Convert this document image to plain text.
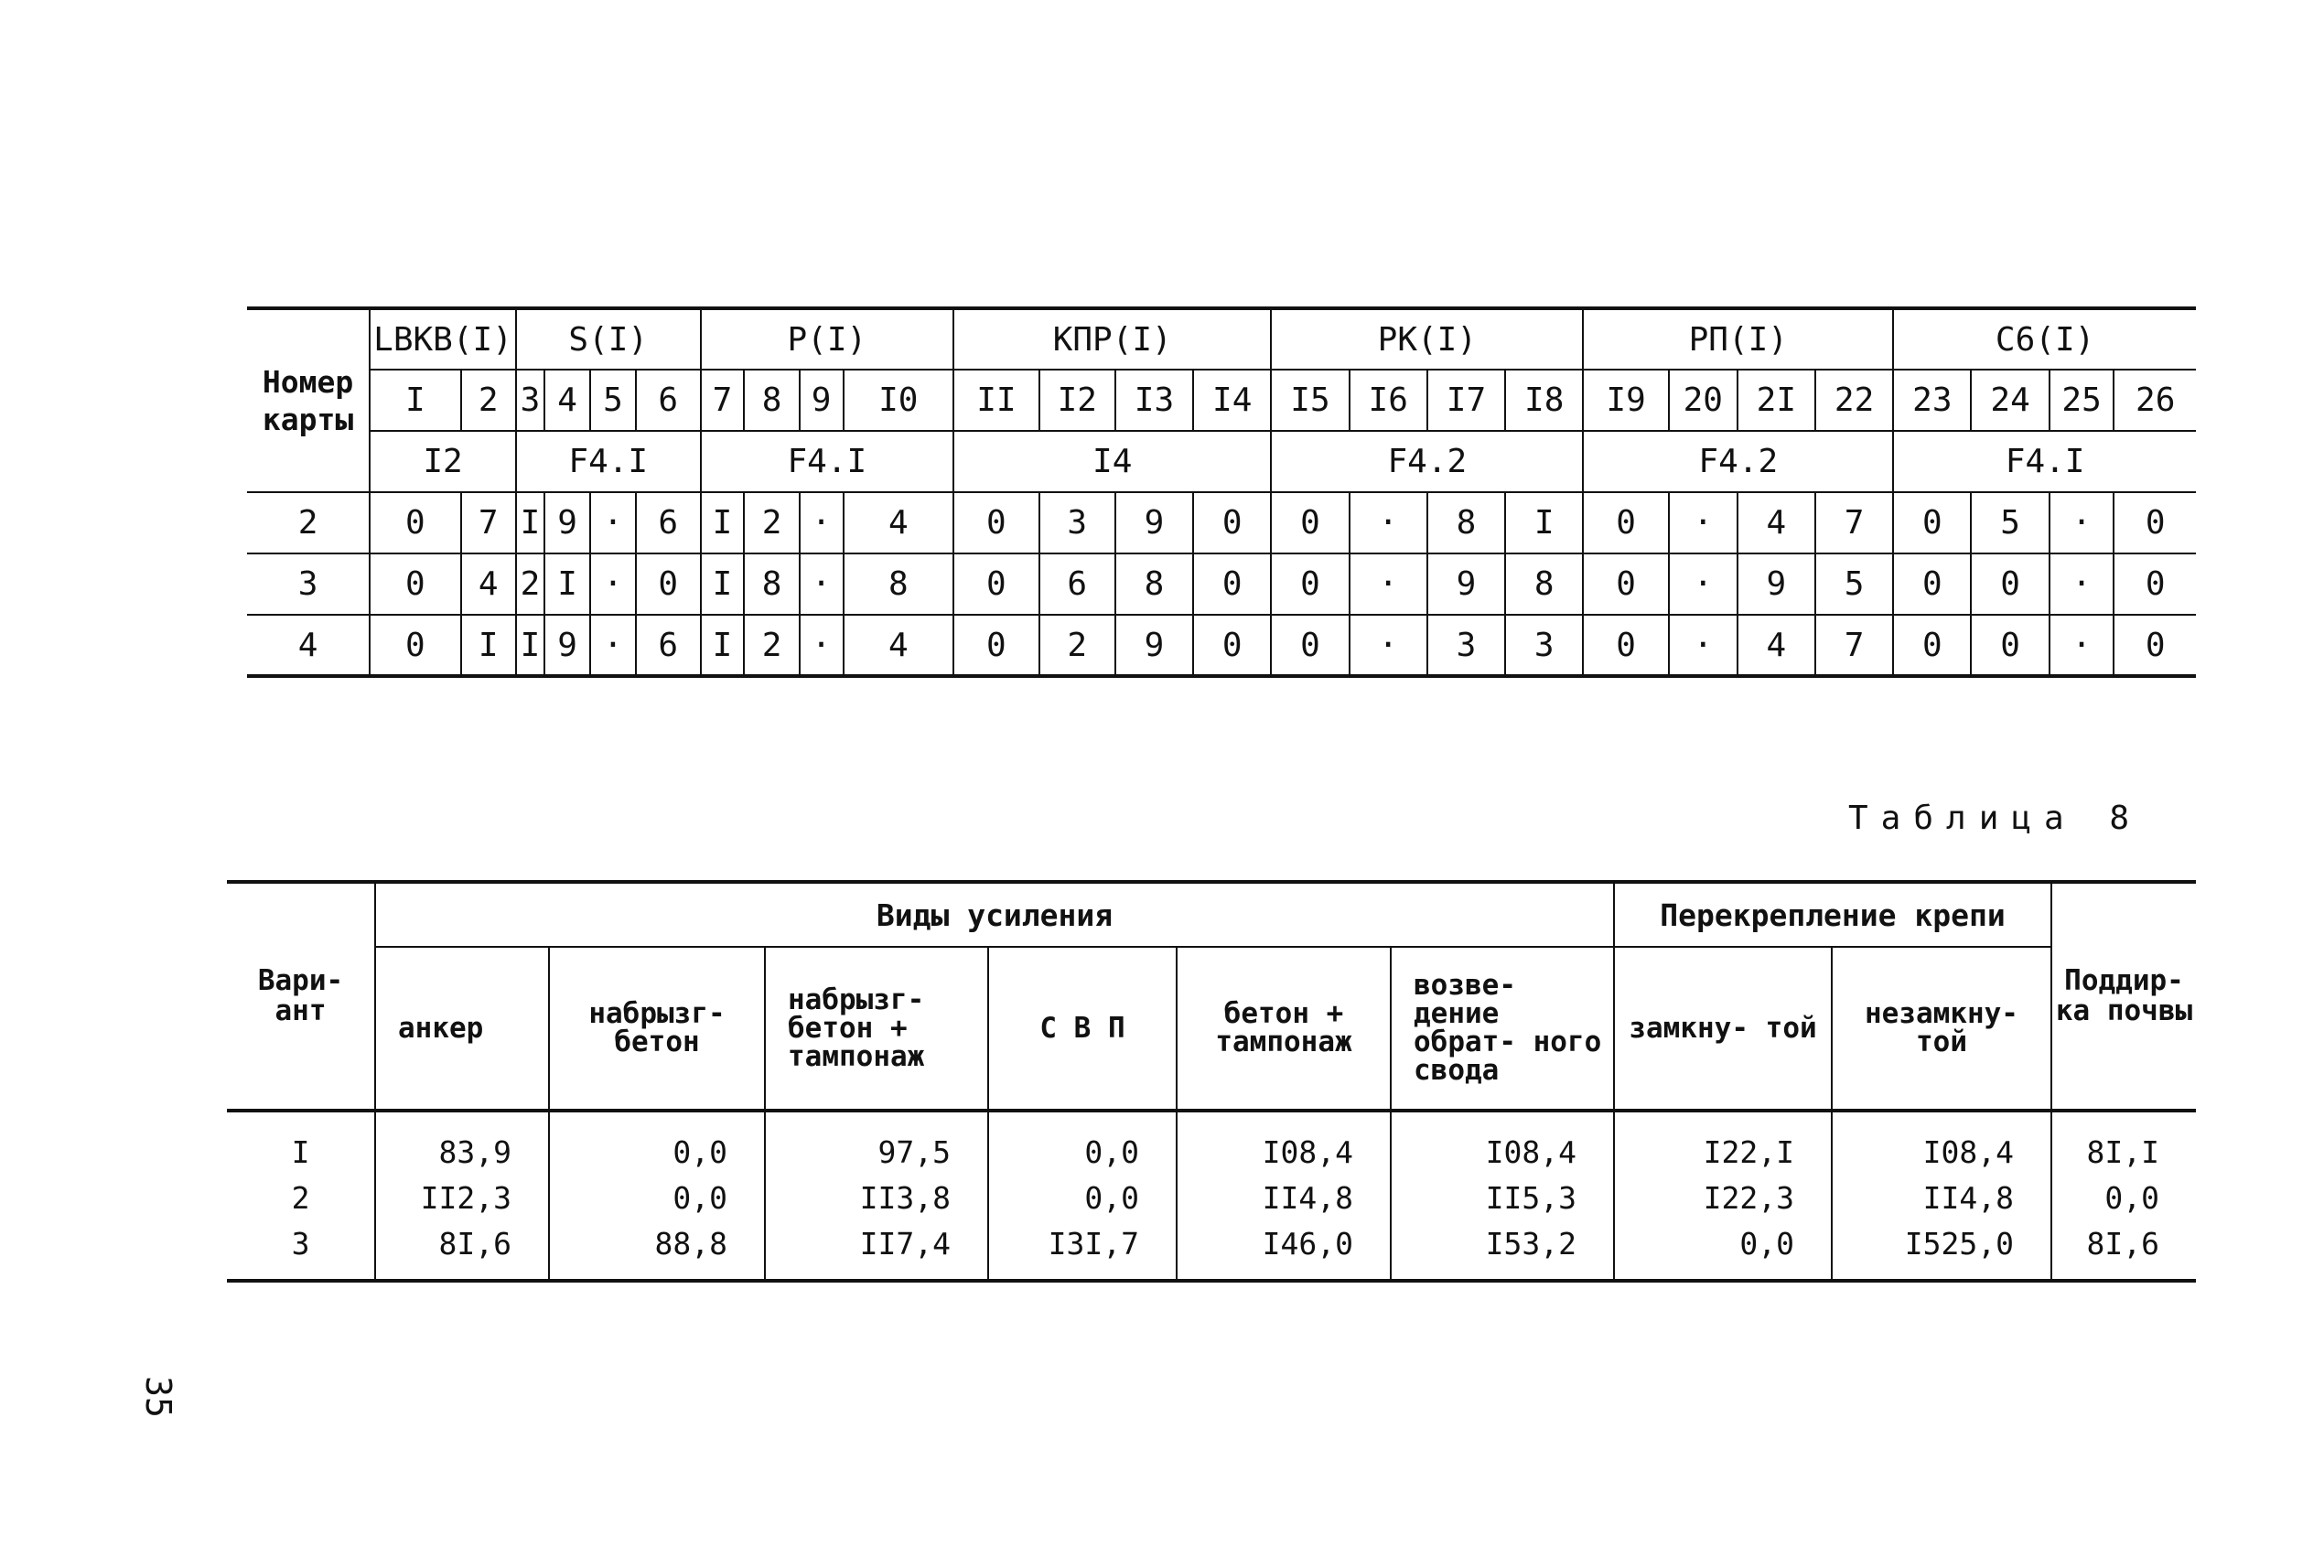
Номер карты	LBKB(I)		S(I)				P(I)				КПР(I)				РК(I)				РП(I)				С6(I)			
	I	2	3	4	5	6	7	8	9	I0	II	I2	I3	I4	I5	I6	I7	I8	I9	20	2I	22	23	24	25	26
	I2		F4.I				F4.I				I4				F4.2				F4.2				F4.I			
2	0	7	I	9	·	6	I	2	·	4	0	3	9	0	0	·	8	I	0	·	4	7	0	5	·	0
3	0	4	2	I	·	0	I	8	·	8	0	6	8	0	0	·	9	8	0	·	9	5	0	0	·	0
4	0	I	I	9	·	6	I	2	·	4	0	2	9	0	0	·	3	3	0	·	4	7	0	0	·	0
Таблица 8
Вари- ант	Виды усиления						Перекрепление крепи		Поддир- ка почвы
	анкер	набрызг- бетон	набрызг- бетон + тампонаж	С В П	бетон + тампонаж	возве- дение обрат- ного свода	замкну- той	незамкну- той	
I	83,9	0,0	97,5	0,0	I08,4	I08,4	I22,I	I08,4	8I,I
2	II2,3	0,0	II3,8	0,0	II4,8	II5,3	I22,3	II4,8	0,0
3	8I,6	88,8	II7,4	I3I,7	I46,0	I53,2	0,0	I525,0	8I,6
35
